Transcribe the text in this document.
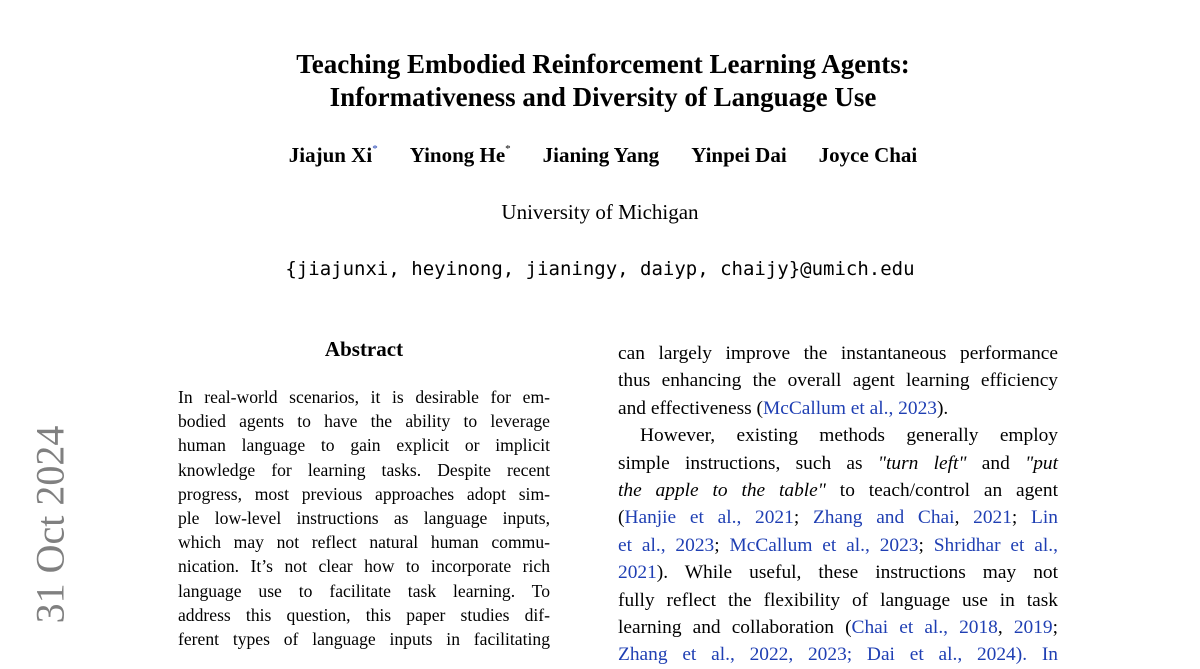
31 Oct 2024
Teaching Embodied Reinforcement Learning Agents:
Informativeness and Diversity of Language Use
Jiajun Xi* Yinong He* Jianing Yang Yinpei Dai Joyce Chai
University of Michigan
{jiajunxi, heyinong, jianingy, daiyp, chaijy}@umich.edu
Abstract
In real-world scenarios, it is desirable for em-
bodied agents to have the ability to leverage
human language to gain explicit or implicit
knowledge for learning tasks. Despite recent
progress, most previous approaches adopt sim-
ple low-level instructions as language inputs,
which may not reflect natural human commu-
nication. It’s not clear how to incorporate rich
language use to facilitate task learning. To
address this question, this paper studies dif-
ferent types of language inputs in facilitating
can largely improve the instantaneous performance
thus enhancing the overall agent learning efficiency
and effectiveness (McCallum et al., 2023).
However, existing methods generally employ
simple instructions, such as "turn left" and "put
the apple to the table" to teach/control an agent
(Hanjie et al., 2021; Zhang and Chai, 2021; Lin
et al., 2023; McCallum et al., 2023; Shridhar et al.,
2021). While useful, these instructions may not
fully reflect the flexibility of language use in task
learning and collaboration (Chai et al., 2018, 2019;
Zhang et al., 2022, 2023; Dai et al., 2024). In
